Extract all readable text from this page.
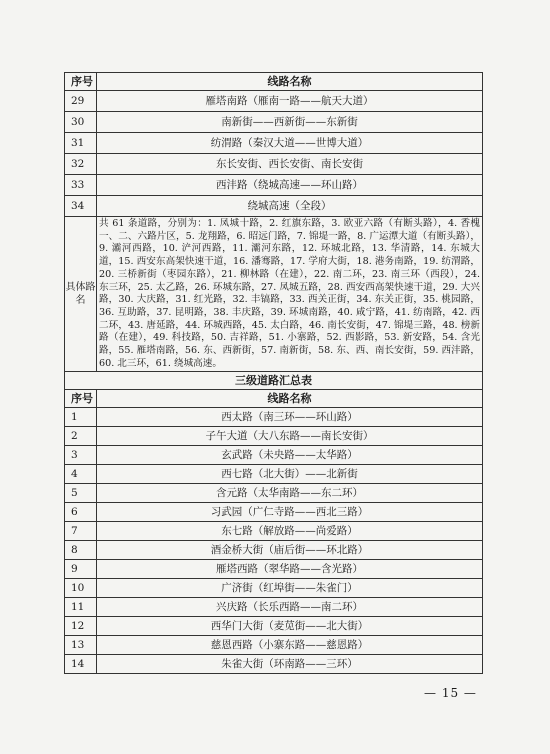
序号	线路名称
29	雁塔南路（雁南一路——航天大道）
30	南新街——西新街——东新街
31	纺渭路（秦汉大道——世博大道）
32	东长安街、西长安街、南长安街
33	西沣路（绕城高速——环山路）
34	绕城高速（全段）
具体路名	共 61 条道路，分别为：1. 凤城十路，2. 红旗东路，3. 欧亚六路（有断头路），4. 香槐一、二、六路片区，5. 龙翔路，6. 昭远门路，7. 锦堤一路，8. 广运潭大道（有断头路），9. 灞河西路，10. 浐河西路，11. 灞河东路，12. 环城北路，13. 华清路，14. 东城大道，15. 西安东高架快速干道，16. 潘骞路，17. 学府大街，18. 港务南路，19. 纺渭路，20. 三桥新街（枣园东路），21. 柳林路（在建），22. 南二环，23. 南三环（西段），24. 东三环，25. 太乙路，26. 环城东路，27. 凤城五路，28. 西安西高架快速干道，29. 大兴路，30. 大庆路，31. 红光路，32. 丰镐路，33. 西关正街，34. 东关正街，35. 桃园路，36. 互助路，37. 昆明路，38. 丰庆路，39. 环城南路，40. 咸宁路，41. 纺南路，42. 西二环，43. 唐延路，44. 环城西路，45. 太白路，46. 南长安街，47. 锦堤三路，48. 榜新路（在建），49. 科技路，50. 吉祥路，51. 小寨路，52. 西影路，53. 新安路，54. 含光路，55. 雁塔南路，56. 东、西新街，57. 南新街，58. 东、西、南长安街，59. 西沣路，60. 北三环，61. 绕城高速。
三级道路汇总表	
序号	线路名称
1	西太路（南三环——环山路）
2	子午大道（大八东路——南长安街）
3	玄武路（未央路——太华路）
4	西七路（北大街）——北新街
5	含元路（太华南路——东二环）
6	习武园（广仁寺路——西北三路）
7	东七路（解放路——尚爱路）
8	酒金桥大街（庙后街——环北路）
9	雁塔西路（翠华路——含光路）
10	广济街（红埠街——朱雀门）
11	兴庆路（长乐西路——南二环）
12	西华门大街（麦苋街——北大街）
13	慈恩西路（小寨东路——慈恩路）
14	朱雀大街（环南路——三环）
— 15 —
